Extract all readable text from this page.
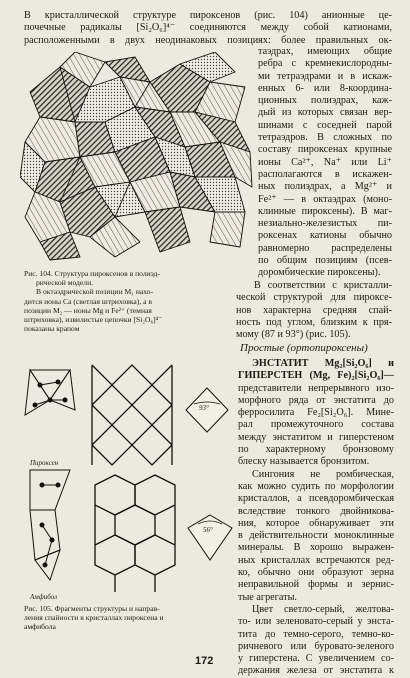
В кристаллической структуре пироксенов (рис. 104) анионные це-
почечные радикалы [Si₂O₆]⁴⁻ соединяются между собой катионами,
расположенными в двух неодинаковых позициях: более правильных ок-
таэдрах, имеющих общие
ребра с кремнекислородны-
ми тетраэдрами и в искаж-
енных 6- или 8-координа-
ционных полиэдрах, каж-
дый из которых связан вер-
шинами с соседней парой
тетраэдров. В сложных по
составу пироксенах крупные
ионы Ca²⁺, Na⁺ или Li⁺
располагаются в искажен-
ных полиэдрах, а Mg²⁺ и
Fe²⁺ — в октаэдрах (моно-
клинные пироксены). В маг-
незиально-железистых пи-
роксенах катионы обычно
равномерно распределены
по общим позициям (псев-
доромбические пироксены).
Рис. 104. Структура пироксенов в полиэд-
рической модели.
В октаэдрической позиции M₁ нахо-
дится ионы Ca (светлая штриховка), а в
позиции M₂ — ионы Mg и Fe²⁺ (темная
штриховка), извилистые цепочки [Si₂O₆]⁴⁻
показаны крапом
В соответствии с кристалли-
ческой структурой для пироксе-
нов характерна средняя спай-
ность под углом, близким к пря-
мому (87 и 93°) (рис. 105).
Простые (ортопироксены)
93°
56°
Пироксен
Амфибол
ЭНСТАТИТ Mg₂[Si₂O₆] и
ГИПЕРСТЕН (Mg, Fe)₂[Si₂O₆]—
представители непрерывного изо-
морфного ряда от энстатита до
ферросилита Fe₂[Si₂O₆]. Мине-
рал промежуточного состава
между энстатитом и гиперстеном
по характерному бронзовому
блеску называется бронзитом.
Сингония не ромбическая,
как можно судить по морфологии
кристаллов, а псевдоромбическая
вследствие тонкого двойникова-
ния, которое обнаруживает эти
в действительности моноклинные
минералы. В хорошо выражен-
ных кристаллах встречаются ред-
ко, обычно они образуют зерна
неправильной формы и зернис-
тые агрегаты.
Цвет светло-серый, желтова-
то- или зеленовато-серый у энста-
тита до темно-серого, темно-ко-
ричневого или буровато-зеленого
у гиперстена. С увеличением со-
держания железа от энстатита к
Рис. 105. Фрагменты структуры и направ-
ления спайности в кристаллах пироксена и
амфибола
172
